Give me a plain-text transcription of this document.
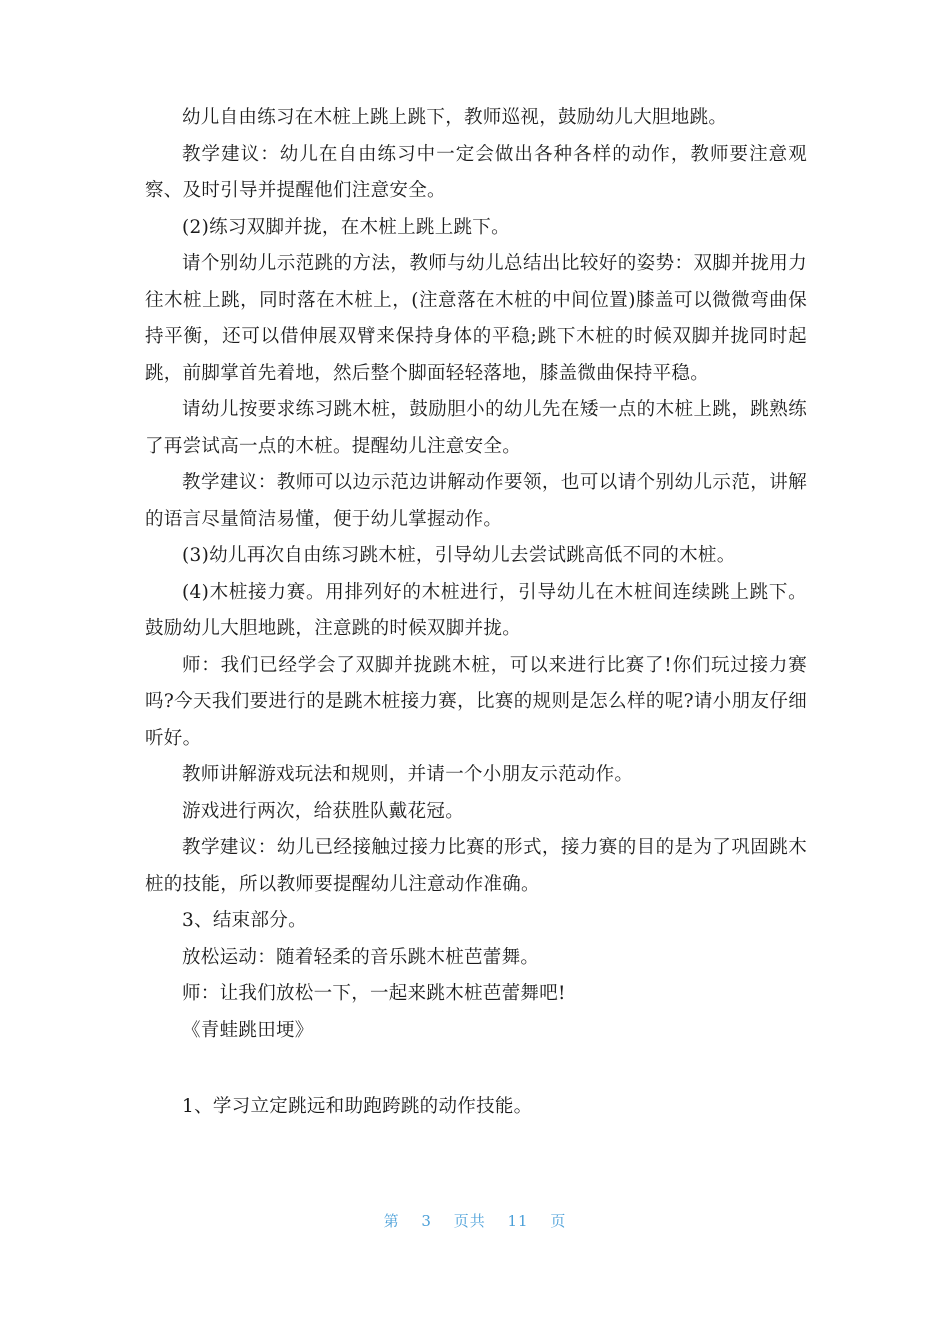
幼儿自由练习在木桩上跳上跳下，教师巡视，鼓励幼儿大胆地跳。

教学建议：幼儿在自由练习中一定会做出各种各样的动作，教师要注意观察、及时引导并提醒他们注意安全。

(2)练习双脚并拢，在木桩上跳上跳下。

请个别幼儿示范跳的方法，教师与幼儿总结出比较好的姿势：双脚并拢用力往木桩上跳，同时落在木桩上，(注意落在木桩的中间位置)膝盖可以微微弯曲保持平衡，还可以借伸展双臂来保持身体的平稳;跳下木桩的时候双脚并拢同时起跳，前脚掌首先着地，然后整个脚面轻轻落地，膝盖微曲保持平稳。

请幼儿按要求练习跳木桩，鼓励胆小的幼儿先在矮一点的木桩上跳，跳熟练了再尝试高一点的木桩。提醒幼儿注意安全。

教学建议：教师可以边示范边讲解动作要领，也可以请个别幼儿示范，讲解的语言尽量简洁易懂，便于幼儿掌握动作。

(3)幼儿再次自由练习跳木桩，引导幼儿去尝试跳高低不同的木桩。

(4)木桩接力赛。用排列好的木桩进行，引导幼儿在木桩间连续跳上跳下。鼓励幼儿大胆地跳，注意跳的时候双脚并拢。

师：我们已经学会了双脚并拢跳木桩，可以来进行比赛了!你们玩过接力赛吗?今天我们要进行的是跳木桩接力赛，比赛的规则是怎么样的呢?请小朋友仔细听好。

教师讲解游戏玩法和规则，并请一个小朋友示范动作。

游戏进行两次，给获胜队戴花冠。

教学建议：幼儿已经接触过接力比赛的形式，接力赛的目的是为了巩固跳木桩的技能，所以教师要提醒幼儿注意动作准确。

3、结束部分。

放松运动：随着轻柔的音乐跳木桩芭蕾舞。

师：让我们放松一下，一起来跳木桩芭蕾舞吧!

《青蛙跳田埂》

1、学习立定跳远和助跑跨跳的动作技能。

第 3 页共 11 页
